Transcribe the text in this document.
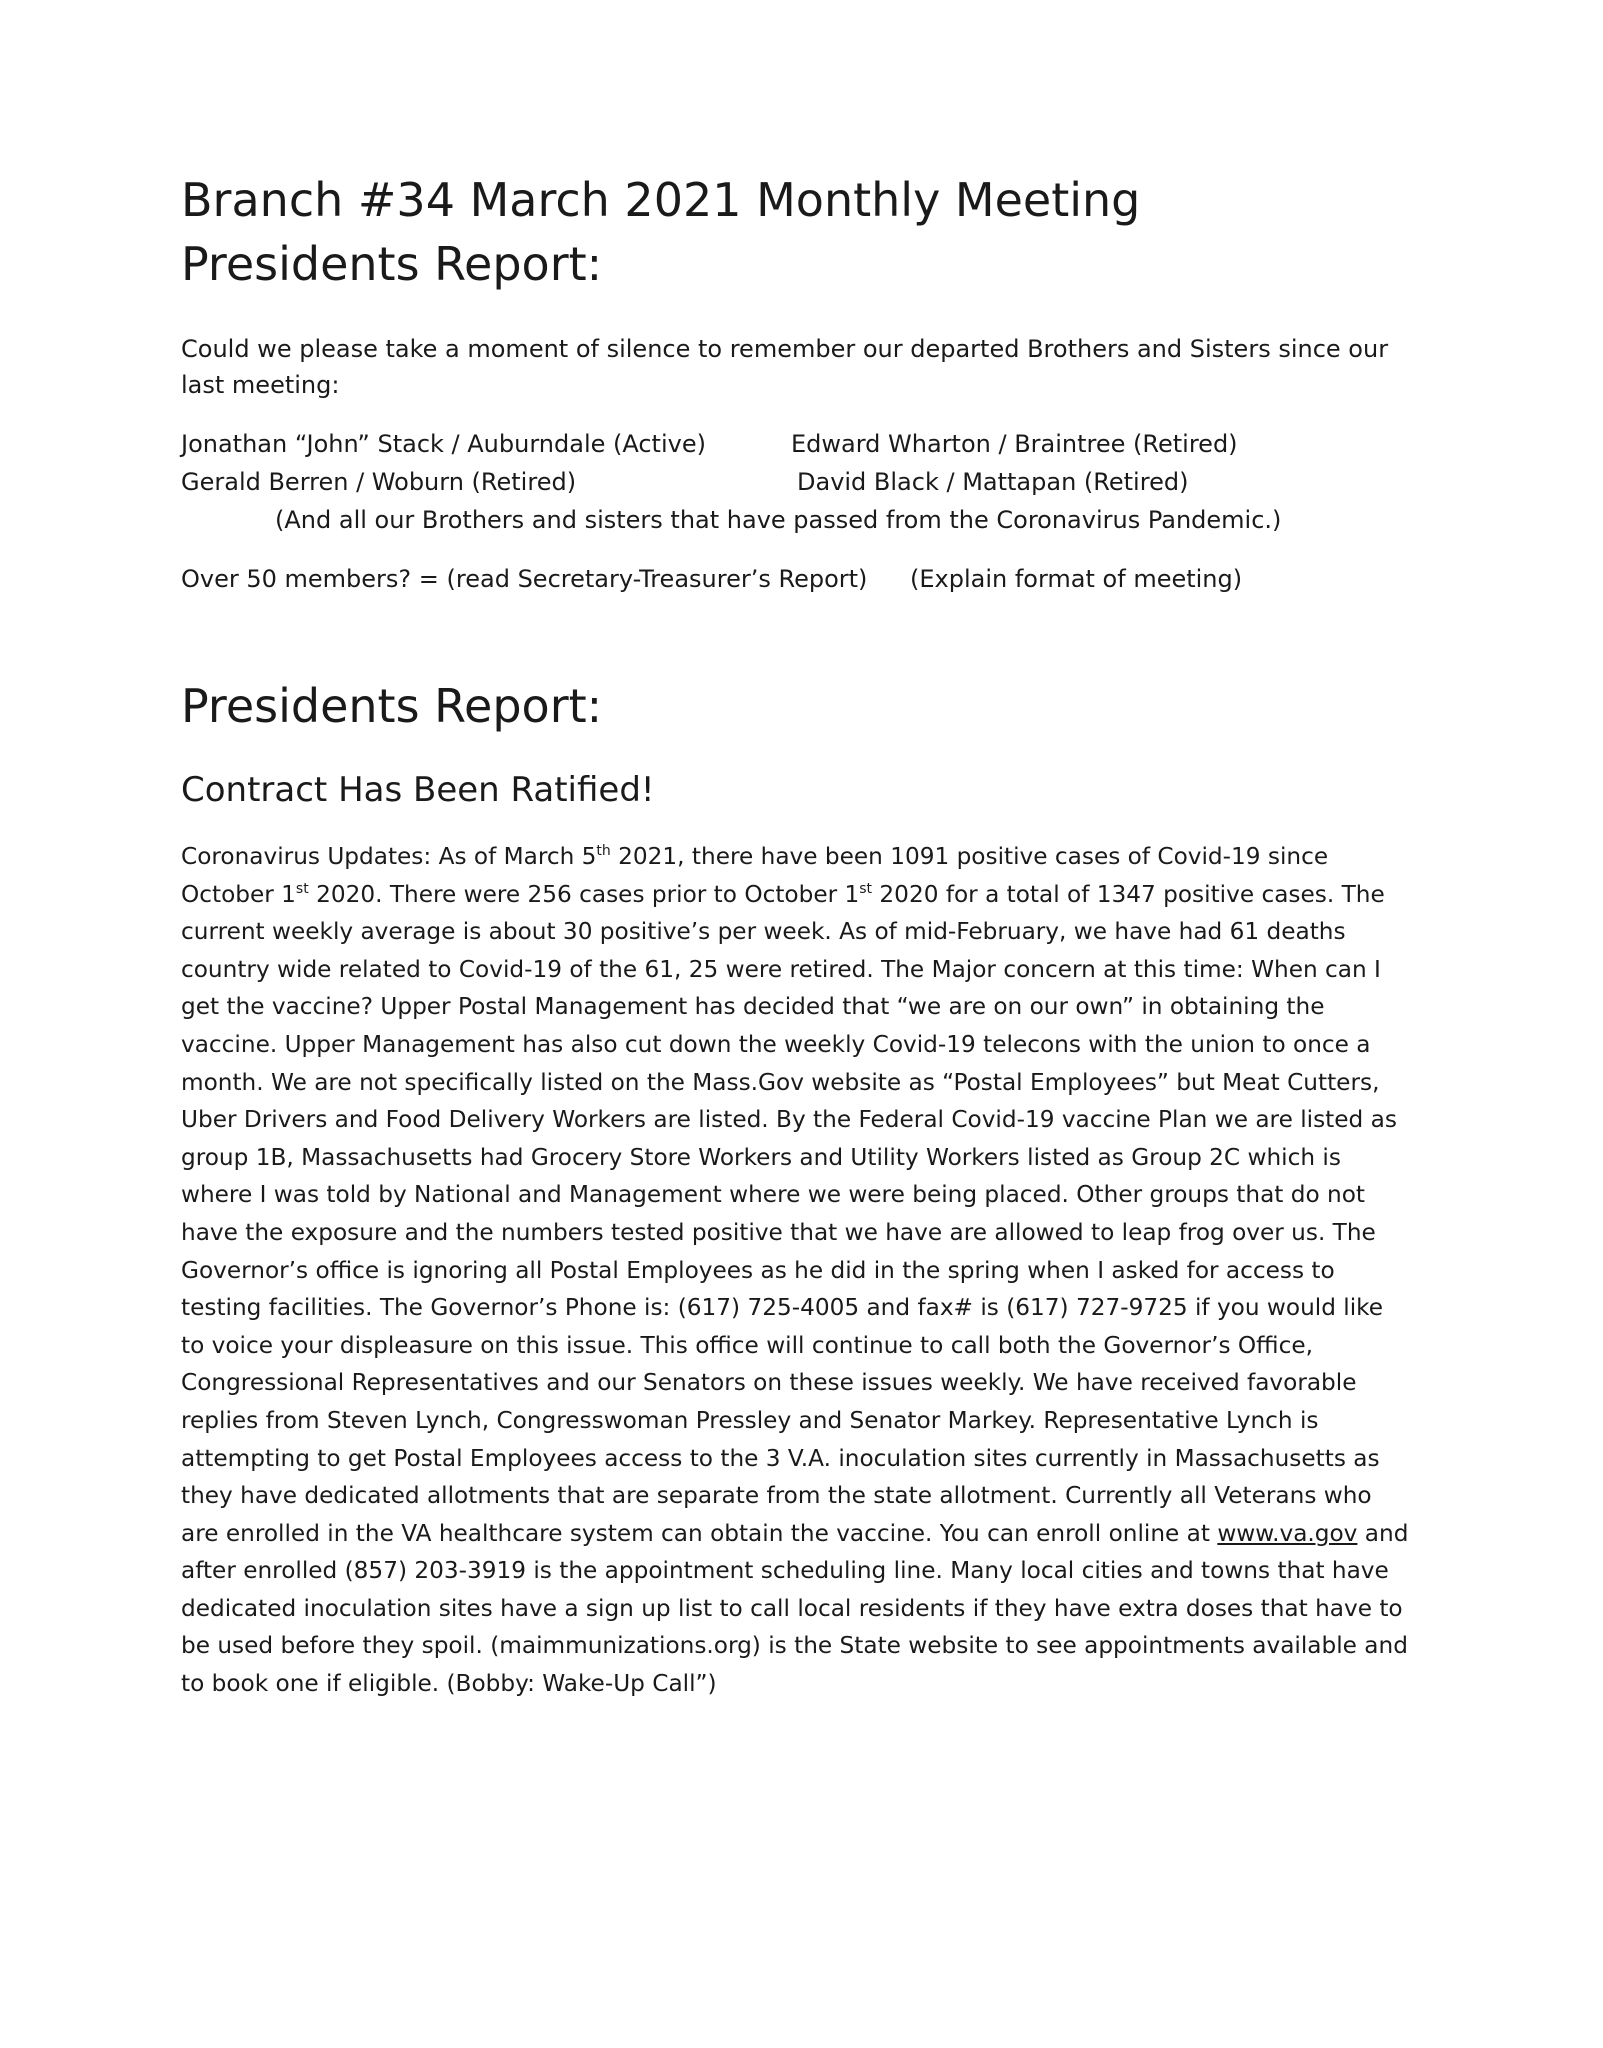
Branch #34 March 2021 Monthly Meeting Presidents Report:

Could we please take a moment of silence to remember our departed Brothers and Sisters since our last meeting:

Jonathan “John” Stack / Auburndale (Active)	Edward Wharton / Braintree (Retired)
Gerald Berren / Woburn (Retired)	David Black / Mattapan (Retired)
(And all our Brothers and sisters that have passed from the Coronavirus Pandemic.)
Over 50 members? = (read Secretary-Treasurer’s Report) (Explain format of meeting)
Presidents Report:
Contract Has Been Ratified!

Coronavirus Updates: As of March 5th 2021, there have been 1091 positive cases of Covid-19 since October 1st 2020. There were 256 cases prior to October 1st 2020 for a total of 1347 positive cases. The current weekly average is about 30 positive’s per week. As of mid-February, we have had 61 deaths country wide related to Covid-19 of the 61, 25 were retired. The Major concern at this time: When can I get the vaccine? Upper Postal Management has decided that “we are on our own” in obtaining the vaccine. Upper Management has also cut down the weekly Covid-19 telecons with the union to once a month. We are not specifically listed on the Mass.Gov website as “Postal Employees” but Meat Cutters, Uber Drivers and Food Delivery Workers are listed. By the Federal Covid-19 vaccine Plan we are listed as group 1B, Massachusetts had Grocery Store Workers and Utility Workers listed as Group 2C which is where I was told by National and Management where we were being placed. Other groups that do not have the exposure and the numbers tested positive that we have are allowed to leap frog over us. The Governor’s office is ignoring all Postal Employees as he did in the spring when I asked for access to testing facilities. The Governor’s Phone is: (617) 725-4005 and fax# is (617) 727-9725 if you would like to voice your displeasure on this issue. This office will continue to call both the Governor’s Office, Congressional Representatives and our Senators on these issues weekly. We have received favorable replies from Steven Lynch, Congresswoman Pressley and Senator Markey. Representative Lynch is attempting to get Postal Employees access to the 3 V.A. inoculation sites currently in Massachusetts as they have dedicated allotments that are separate from the state allotment. Currently all Veterans who are enrolled in the VA healthcare system can obtain the vaccine. You can enroll online at www.va.gov and after enrolled (857) 203-3919 is the appointment scheduling line. Many local cities and towns that have dedicated inoculation sites have a sign up list to call local residents if they have extra doses that have to be used before they spoil. (maimmunizations.org) is the State website to see appointments available and to book one if eligible. (Bobby: Wake-Up Call”)
